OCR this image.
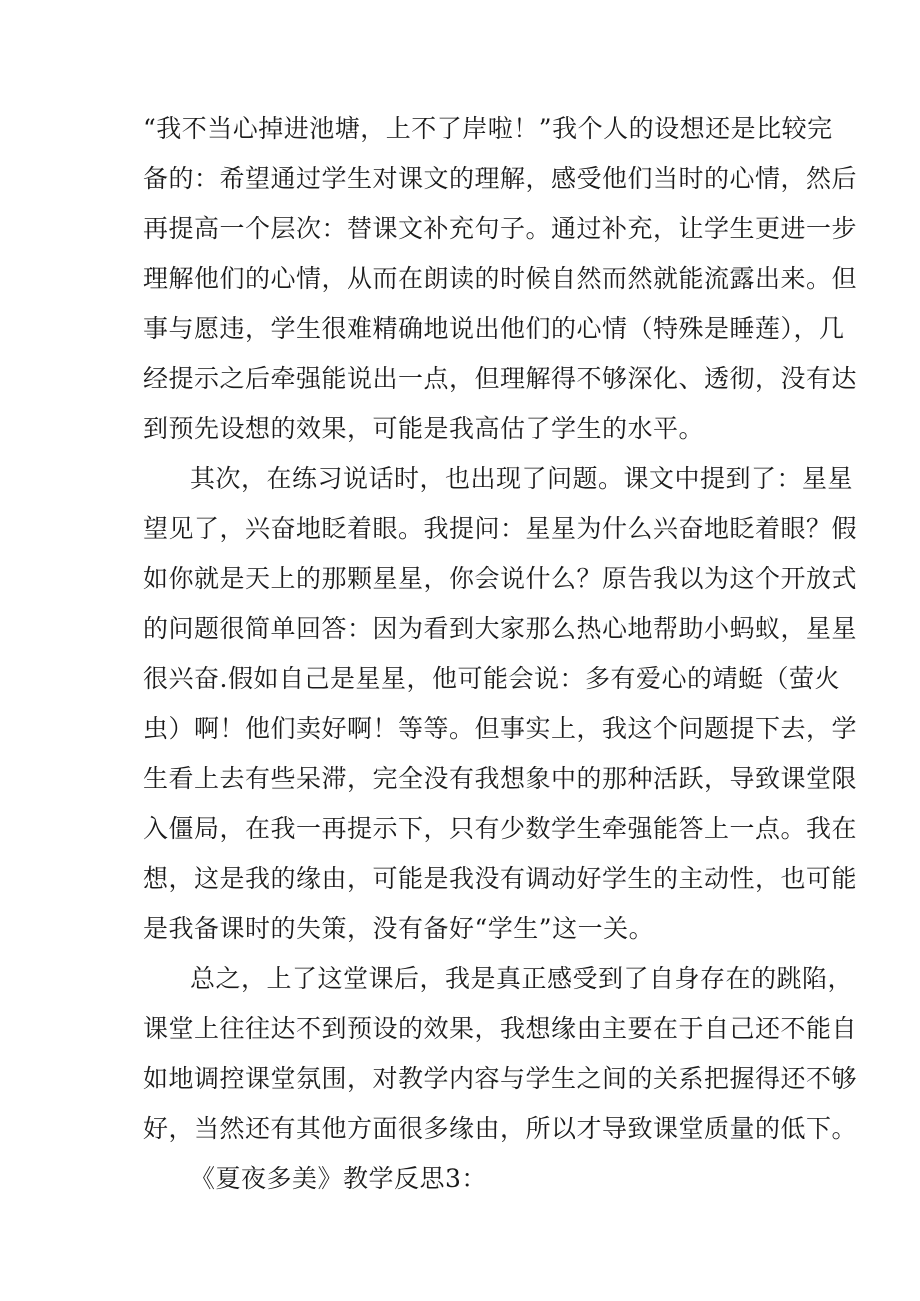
“我不当心掉进池塘，上不了岸啦！”我个人的设想还是比较完
备的：希望通过学生对课文的理解，感受他们当时的心情，然后
再提高一个层次：替课文补充句子。通过补充，让学生更进一步
理解他们的心情，从而在朗读的时候自然而然就能流露出来。但
事与愿违，学生很难精确地说出他们的心情（特殊是睡莲），几
经提示之后牵强能说出一点，但理解得不够深化、透彻，没有达
到预先设想的效果，可能是我高估了学生的水平。
其次，在练习说话时，也出现了问题。课文中提到了：星星
望见了，兴奋地眨着眼。我提问：星星为什么兴奋地眨着眼？假
如你就是天上的那颗星星，你会说什么？原告我以为这个开放式
的问题很简单回答：因为看到大家那么热心地帮助小蚂蚁，星星
很兴奋.假如自己是星星，他可能会说：多有爱心的靖蜓（萤火
虫）啊！他们卖好啊！等等。但事实上，我这个问题提下去，学
生看上去有些呆滞，完全没有我想象中的那种活跃，导致课堂限
入僵局，在我一再提示下，只有少数学生牵强能答上一点。我在
想，这是我的缘由，可能是我没有调动好学生的主动性，也可能
是我备课时的失策，没有备好“学生”这一关。
总之，上了这堂课后，我是真正感受到了自身存在的跳陷，
课堂上往往达不到预设的效果，我想缘由主要在于自己还不能自
如地调控课堂氛围，对教学内容与学生之间的关系把握得还不够
好，当然还有其他方面很多缘由，所以才导致课堂质量的低下。
《夏夜多美》教学反思3：
